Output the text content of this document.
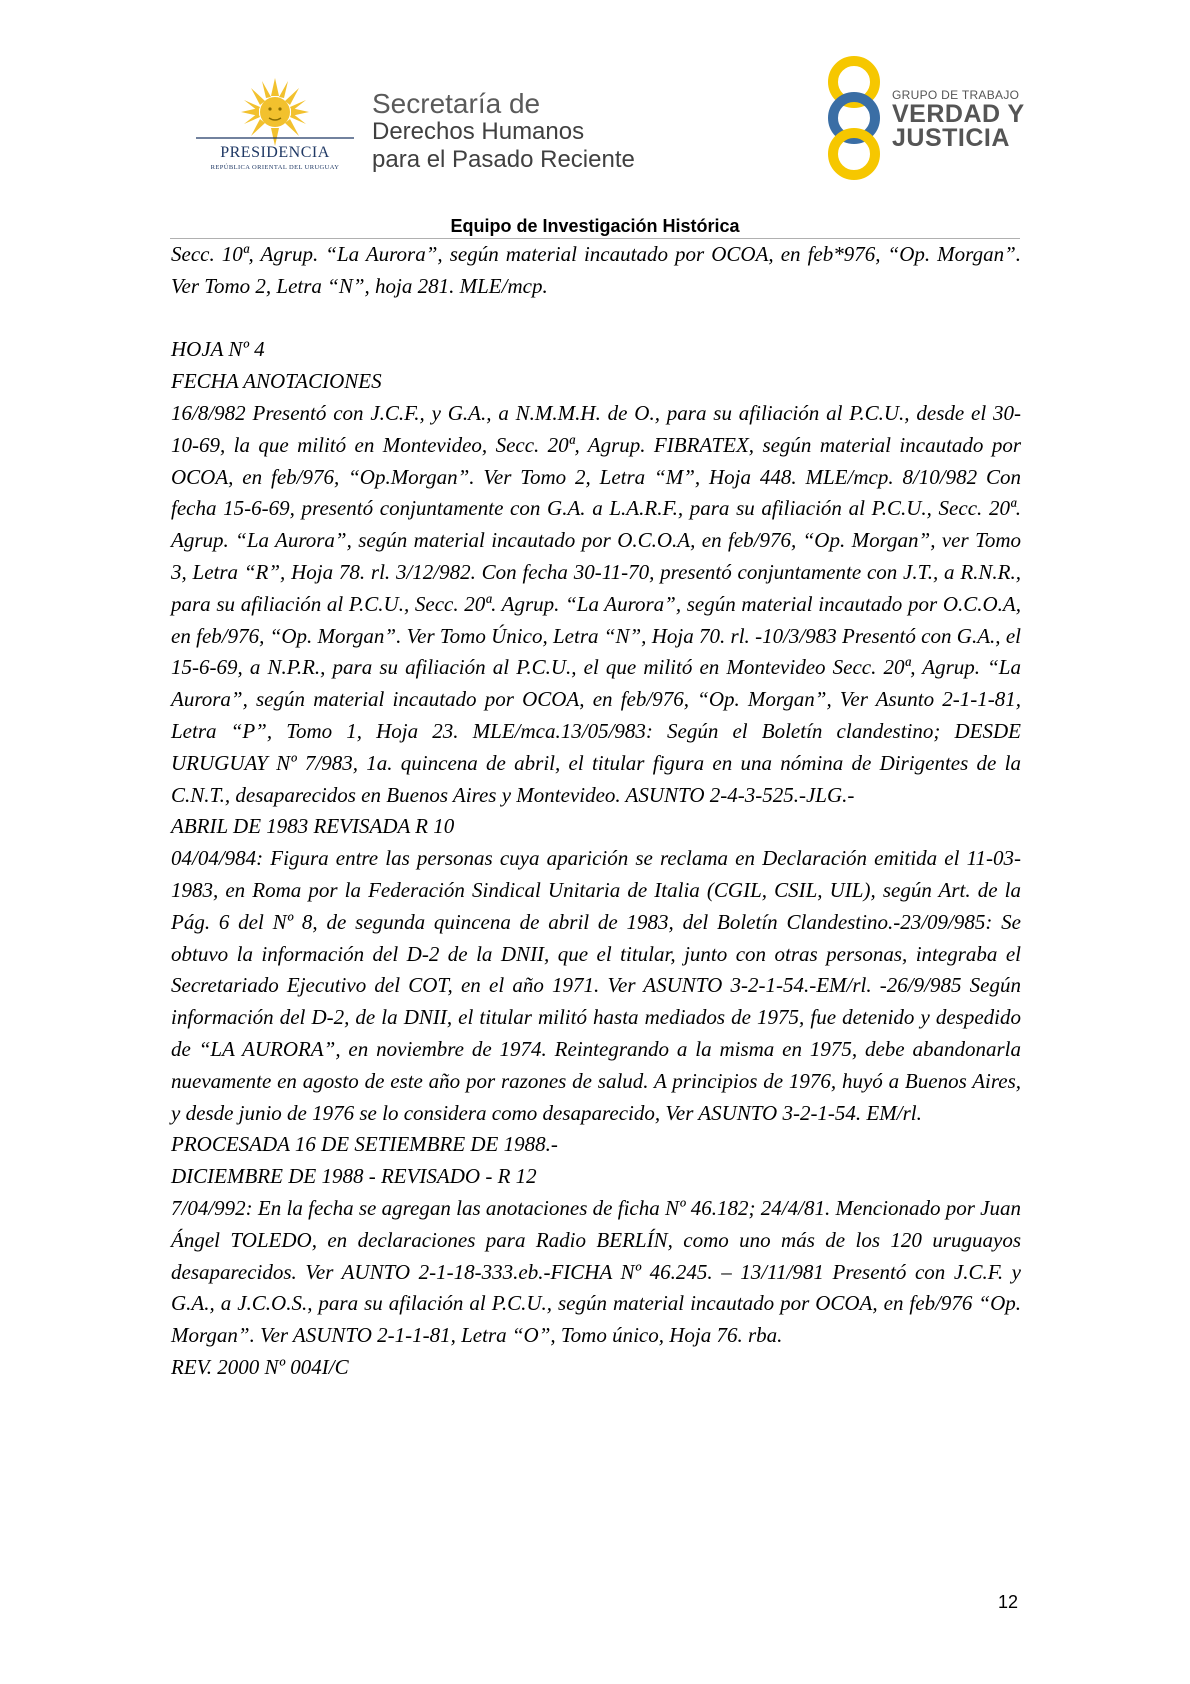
PRESIDENCIA
REPÚBLICA ORIENTAL DEL URUGUAY
Secretaría de
Derechos Humanos
para el Pasado Reciente
GRUPO DE TRABAJO
VERDAD Y
JUSTICIA
Equipo de Investigación Histórica

Secc. 10ª, Agrup. “La Aurora”, según material incautado por OCOA, en feb*976, “Op. Morgan”. Ver Tomo 2, Letra “N”, hoja 281. MLE/mcp.

HOJA Nº 4

FECHA ANOTACIONES

16/8/982 Presentó con J.C.F., y G.A., a N.M.M.H. de O., para su afiliación al P.C.U., desde el 30-10-69, la que militó en Montevideo, Secc. 20ª, Agrup. FIBRATEX, según material incautado por OCOA, en feb/976, “Op.Morgan”. Ver Tomo 2, Letra “M”, Hoja 448. MLE/mcp. 8/10/982 Con fecha 15-6-69, presentó conjuntamente con G.A. a L.A.R.F., para su afiliación al P.C.U., Secc. 20ª. Agrup. “La Aurora”, según material incautado por O.C.O.A, en feb/976, “Op. Morgan”, ver Tomo 3, Letra “R”, Hoja 78. rl. 3/12/982. Con fecha 30-11-70, presentó conjuntamente con J.T., a R.N.R., para su afiliación al P.C.U., Secc. 20ª. Agrup. “La Aurora”, según material incautado por O.C.O.A, en feb/976, “Op. Morgan”. Ver Tomo Único, Letra “N”, Hoja 70. rl. -10/3/983 Presentó con G.A., el 15-6-69, a N.P.R., para su afiliación al P.C.U., el que militó en Montevideo Secc. 20ª, Agrup. “La Aurora”, según material incautado por OCOA, en feb/976, “Op. Morgan”, Ver Asunto 2-1-1-81, Letra “P”, Tomo 1, Hoja 23. MLE/mca.13/05/983: Según el Boletín clandestino; DESDE URUGUAY Nº 7/983, 1a. quincena de abril, el titular figura en una nómina de Dirigentes de la C.N.T., desaparecidos en Buenos Aires y Montevideo. ASUNTO 2-4-3-525.-JLG.-

ABRIL DE 1983 REVISADA R 10

04/04/984: Figura entre las personas cuya aparición se reclama en Declaración emitida el 11-03-1983, en Roma por la Federación Sindical Unitaria de Italia (CGIL, CSIL, UIL), según Art. de la Pág. 6 del Nº 8, de segunda quincena de abril de 1983, del Boletín Clandestino.-23/09/985: Se obtuvo la información del D-2 de la DNII, que el titular, junto con otras personas, integraba el Secretariado Ejecutivo del COT, en el año 1971. Ver ASUNTO 3-2-1-54.-EM/rl. -26/9/985 Según información del D-2, de la DNII, el titular militó hasta mediados de 1975, fue detenido y despedido de “LA AURORA”, en noviembre de 1974. Reintegrando a la misma en 1975, debe abandonarla nuevamente en agosto de este año por razones de salud. A principios de 1976, huyó a Buenos Aires, y desde junio de 1976 se lo considera como desaparecido, Ver ASUNTO 3-2-1-54. EM/rl.

PROCESADA 16 DE SETIEMBRE DE 1988.-

DICIEMBRE DE 1988 - REVISADO - R 12

7/04/992: En la fecha se agregan las anotaciones de ficha Nº 46.182; 24/4/81. Mencionado por Juan Ángel TOLEDO, en declaraciones para Radio BERLÍN, como uno más de los 120 uruguayos desaparecidos. Ver AUNTO 2-1-18-333.eb.-FICHA Nº 46.245. – 13/11/981 Presentó con J.C.F. y G.A., a J.C.O.S., para su afilación al P.C.U., según material incautado por OCOA, en feb/976 “Op. Morgan”. Ver ASUNTO 2-1-1-81, Letra “O”, Tomo único, Hoja 76. rba.

REV. 2000 Nº 004I/C

12
